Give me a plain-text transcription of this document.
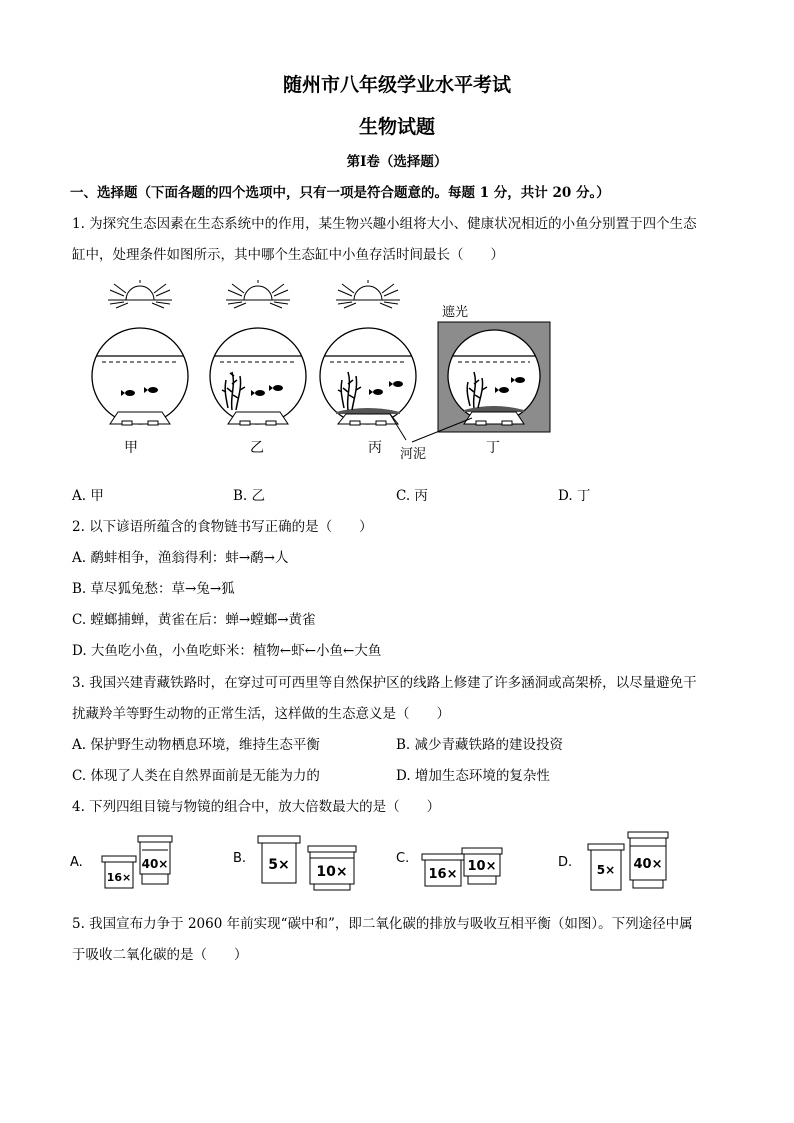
随州市八年级学业水平考试
生物试题
第Ⅰ卷（选择题）
一、选择题（下面各题的四个选项中，只有一项是符合题意的。每题 1 分，共计 20 分。）
1. 为探究生态因素在生态系统中的作用，某生物兴趣小组将大小、健康状况相近的小鱼分别置于四个生态
缸中，处理条件如图所示，其中哪个生态缸中小鱼存活时间最长（　　）
遮光
河泥
甲	乙	丙	丁
A. 甲	B. 乙	C. 丙	D. 丁
2. 以下谚语所蕴含的食物链书写正确的是（　　）
A. 鹬蚌相争，渔翁得利：蚌→鹬→人
B. 草尽狐兔愁：草→兔→狐
C. 螳螂捕蝉，黄雀在后：蝉→螳螂→黄雀
D. 大鱼吃小鱼，小鱼吃虾米：植物←虾←小鱼←大鱼
3. 我国兴建青藏铁路时，在穿过可可西里等自然保护区的线路上修建了许多涵洞或高架桥，以尽量避免干
扰藏羚羊等野生动物的正常生活，这样做的生态意义是（　　）
A. 保护野生动物栖息环境，维持生态平衡	B. 减少青藏铁路的建设投资
C. 体现了人类在自然界面前是无能为力的	D. 增加生态环境的复杂性
4. 下列四组目镜与物镜的组合中，放大倍数最大的是（　　）
A.
16×
40×	B. 5× 10×
C.
16×
10×	D. 5× 40×
5. 我国宣布力争于 2060 年前实现“碳中和”，即二氧化碳的排放与吸收互相平衡（如图）。下列途径中属
于吸收二氧化碳的是（　　）
